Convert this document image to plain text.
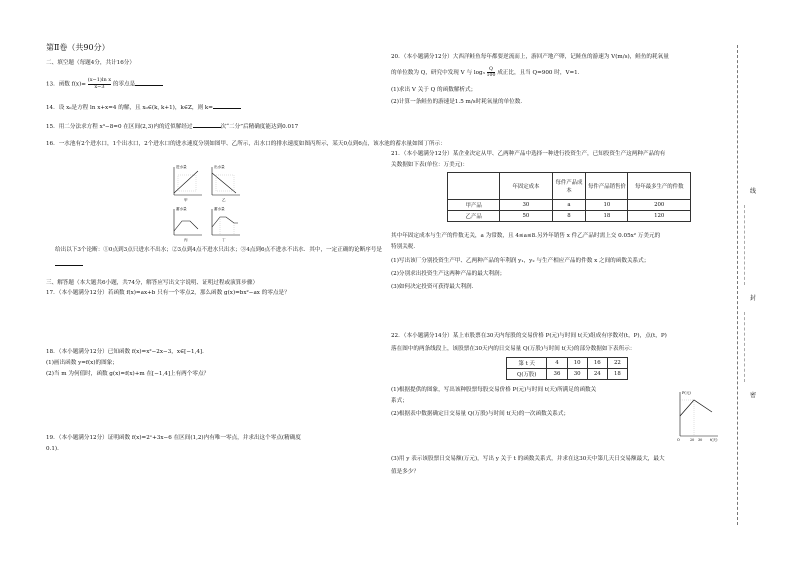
第Ⅱ卷（共90分）
二、填空题（每题4分，共计16分）
13．函数 $f(x)= \frac{\text{(x−1)ln x}}{x-3}$ 的零点是
14．设 x₀是方程 ln x+x=4 的解，且 x₀∈(k, k+1)，k∈Z，则 k=
15．用二分法求方程 x³−8=0 在区间(2,3)内的近似解经过	次“二分”后精确度能达到0.017
16．一水池有2个进水口，1个出水口，2个进水口的进水速度分别如图甲、乙所示，出水口的排水速度如图丙所示，某天0点到6点，该水池的蓄水量如图丁所示：
进水量
甲
出水量
乙
蓄水量
丙
蓄水量
丁
给出以下3个论断：①0点到3点只进水不出水；②3点到4点不进水只出水；③4点到6点不进水不出水．其中，一定正确的论断序号是
三、解答题（本大题共6小题，共74分，解答应写出文字说明、证明过程或演算步骤）
17．（本小题满分12分）若函数 f(x)=ax+b 只有一个零点2，那么函数 g(x)=bx²−ax 的零点是？
18．（本小题满分12分）已知函数 f(x)=x²−2x−3，x∈[−1,4]．
(1)画出函数 y=f(x)的图象；
(2)当 m 为何值时，函数 g(x)=f(x)+m 在[−1,4]上有两个零点？
19．（本小题满分12分）证明函数 f(x)=2ˣ+3x−6 在区间(1,2)内有唯一零点，并求出这个零点(精确度
0.1)．
20．（本小题满分12分）大西洋鲑鱼每年都要逆流而上，游回产地产卵，记鲑鱼的游速为 V(m/s)，鲑鱼的耗氧量
的单位数为 Q，研究中发现 V 与 $\log_3 \frac{Q}{100}$ 成正比，且当 Q=900 时，V=1．
(1)求出 V 关于 Q 的函数解析式；
(2)计算一条鲑鱼的游速是1.5 m/s时耗氧量的单位数．
21．（本小题满分12分）某企业决定从甲、乙两种产品中选择一种进行投资生产，已知投资生产这两种产品的有
关数据如下表(单位：万美元)：
	年固定成本	每件产品成本	每件产品销售价	每年最多生产的件数
甲产品	30	a	10	200
乙产品	50	8	18	120
其中年固定成本与生产的件数无关，a 为常数，且 4≤a≤8.另外年销售 x 件乙产品时需上交 0.05x² 万美元的
特别关税．
(1)写出该厂分别投资生产甲、乙两种产品的年利润 y₁，y₂ 与生产相应产品的件数 x 之间的函数关系式；
(2)分别求出投资生产这两种产品的最大利润；
(3)如何决定投资可获得最大利润．
22．（本小题满分14分）某上市股票在30天内每股的交易价格 P(元)与时间 t(天)组成有序数对(t，P)，点(t，P)
落在图中的两条线段上，该股票在30天内的日交易量 Q(万股)与时间 t(天)的部分数据如下表所示：
第 t 天	4	10	16	22
Q(万股)	36	30	24	18
(1)根据提供的图象，写出该种股票每股交易价格 P(元)与时间 t(天)所满足的函数关
系式；
(2)根据表中数据确定日交易量 Q(万股)与时间 t(天)的一次函数关系式；
P(元)
O	20 30 t(天)
(3)用 y 表示该股票日交易额(万元)，写出 y 关于 t 的函数关系式，并求在这30天中第几天日交易额最大，最大
值是多少？
线
封
密
